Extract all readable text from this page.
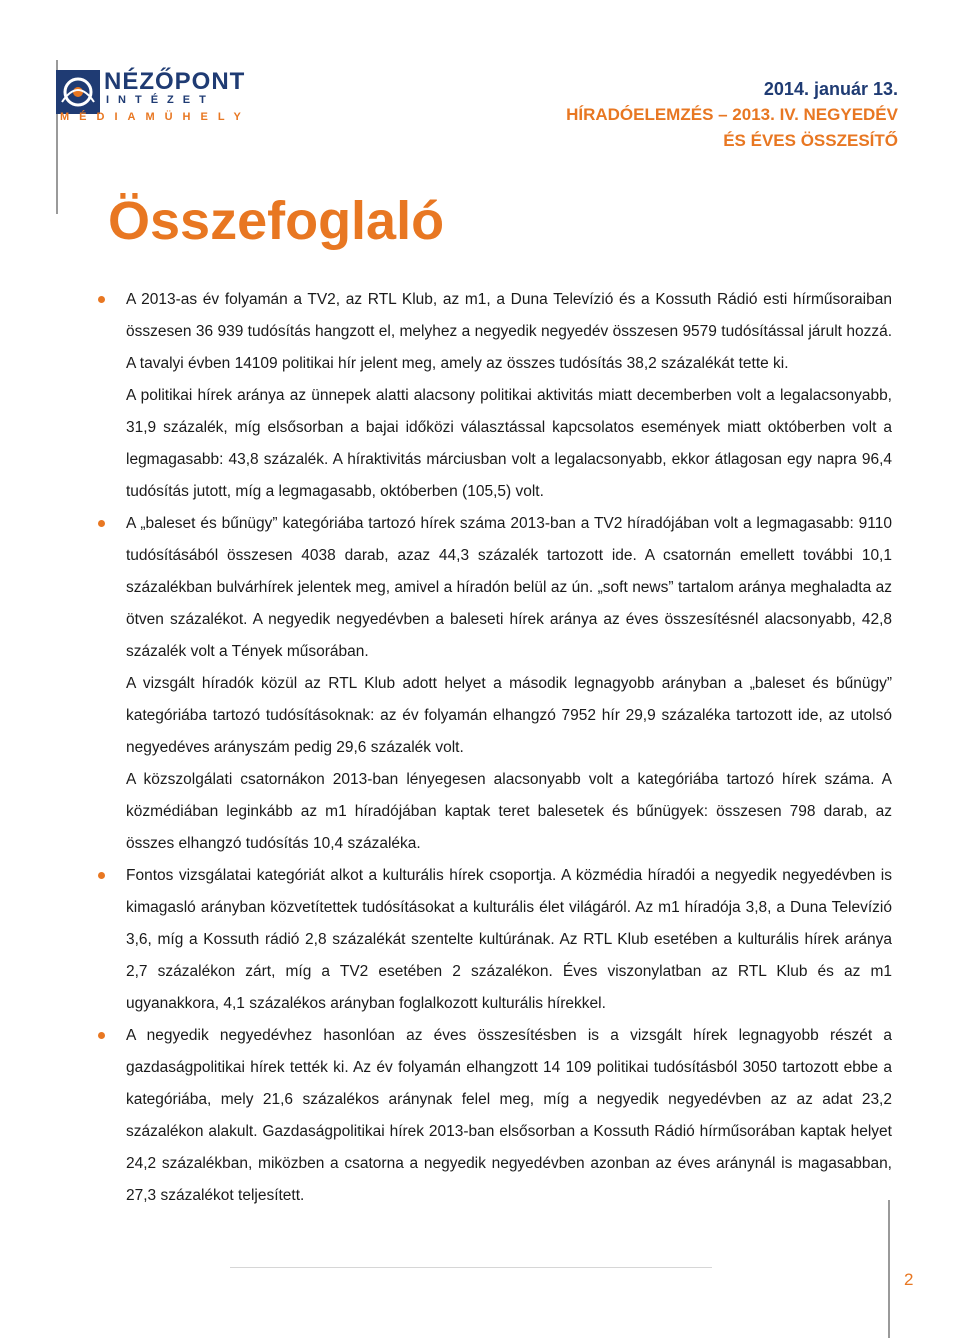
NÉZŐPONT
INTÉZET
MÉDIAMÜHELY
2014. január 13.
HÍRADÓELEMZÉS – 2013. IV. NEGYEDÉV
ÉS ÉVES ÖSSZESÍTŐ
Összefoglaló

A 2013-as év folyamán a TV2, az RTL Klub, az m1, a Duna Televízió és a Kossuth Rádió esti hírműsoraiban összesen 36 939 tudósítás hangzott el, melyhez a negyedik negyedév összesen 9579 tudósítással járult hozzá. A tavalyi évben 14109 politikai hír jelent meg, amely az összes tudósítás 38,2 százalékát tette ki.

A politikai hírek aránya az ünnepek alatti alacsony politikai aktivitás miatt decemberben volt a legalacsonyabb, 31,9 százalék, míg elsősorban a bajai időközi választással kapcsolatos események miatt októberben volt a legmagasabb: 43,8 százalék. A híraktivitás márciusban volt a legalacsonyabb, ekkor átlagosan egy napra 96,4 tudósítás jutott, míg a legmagasabb, októberben (105,5) volt.

A „baleset és bűnügy” kategóriába tartozó hírek száma 2013-ban a TV2 híradójában volt a legmagasabb: 9110 tudósításából összesen 4038 darab, azaz 44,3 százalék tartozott ide. A csatornán emellett további 10,1 százalékban bulvárhírek jelentek meg, amivel a híradón belül az ún. „soft news” tartalom aránya meghaladta az ötven százalékot. A negyedik negyedévben a baleseti hírek aránya az éves összesítésnél alacsonyabb, 42,8 százalék volt a Tények műsorában.

A vizsgált híradók közül az RTL Klub adott helyet a második legnagyobb arányban a „baleset és bűnügy” kategóriába tartozó tudósításoknak: az év folyamán elhangzó 7952 hír 29,9 százaléka tartozott ide, az utolsó negyedéves arányszám pedig 29,6 százalék volt.

A közszolgálati csatornákon 2013-ban lényegesen alacsonyabb volt a kategóriába tartozó hírek száma. A közmédiában leginkább az m1 híradójában kaptak teret balesetek és bűnügyek: összesen 798 darab, az összes elhangzó tudósítás 10,4 százaléka.

Fontos vizsgálatai kategóriát alkot a kulturális hírek csoportja. A közmédia híradói a negyedik negyedévben is kimagasló arányban közvetítettek tudósításokat a kulturális élet világáról. Az m1 híradója 3,8, a Duna Televízió 3,6, míg a Kossuth rádió 2,8 százalékát szentelte kultúrának. Az RTL Klub esetében a kulturális hírek aránya 2,7 százalékon zárt, míg a TV2 esetében 2 százalékon. Éves viszonylatban az RTL Klub és az m1 ugyanakkora, 4,1 százalékos arányban foglalkozott kulturális hírekkel.

A negyedik negyedévhez hasonlóan az éves összesítésben is a vizsgált hírek legnagyobb részét a gazdaságpolitikai hírek tették ki. Az év folyamán elhangzott 14 109 politikai tudósításból 3050 tartozott ebbe a kategóriába, mely 21,6 százalékos aránynak felel meg, míg a negyedik negyedévben az az adat 23,2 százalékon alakult. Gazdaságpolitikai hírek 2013-ban elsősorban a Kossuth Rádió hírműsorában kaptak helyet 24,2 százalékban, miközben a csatorna a negyedik negyedévben azonban az éves aránynál is magasabban, 27,3 százalékot teljesített.

2
